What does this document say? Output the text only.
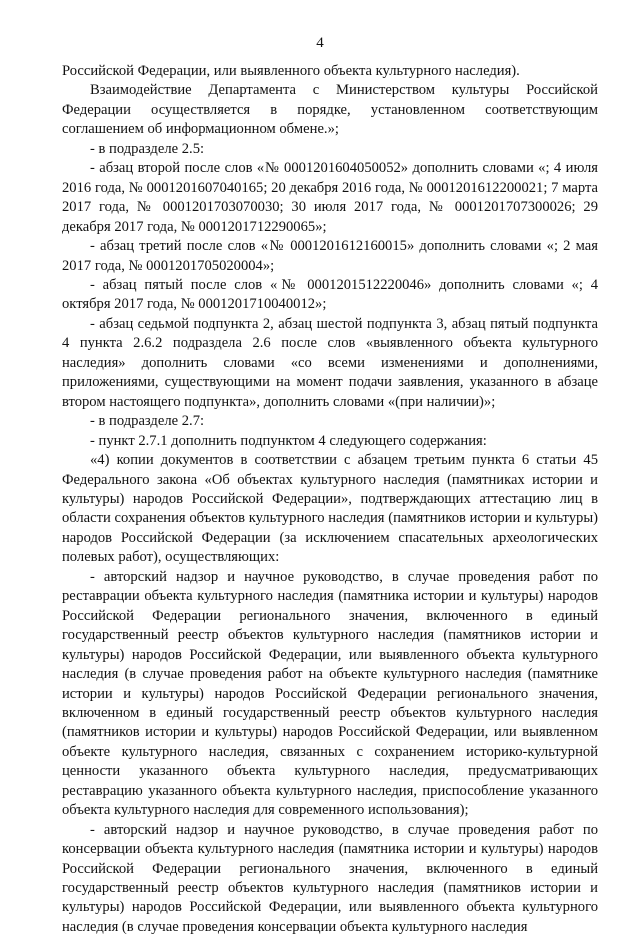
4

Российской Федерации, или выявленного объекта культурного наследия).

Взаимодействие Департамента с Министерством культуры Российской Федерации осуществляется в порядке, установленном соответствующим соглашением об информационном обмене.»;

- в подразделе 2.5:

- абзац второй после слов «№ 0001201604050052» дополнить словами «; 4 июля 2016 года, № 0001201607040165; 20 декабря 2016 года, № 0001201612200021; 7 марта 2017 года, № 0001201703070030; 30 июля 2017 года, № 0001201707300026; 29 декабря 2017 года, № 0001201712290065»;

- абзац третий после слов «№ 0001201612160015» дополнить словами «; 2 мая 2017 года, № 0001201705020004»;

- абзац пятый после слов «№ 0001201512220046» дополнить словами «; 4 октября 2017 года, № 0001201710040012»;

- абзац седьмой подпункта 2, абзац шестой подпункта 3, абзац пятый подпункта 4 пункта 2.6.2 подраздела 2.6 после слов «выявленного объекта культурного наследия» дополнить словами «со всеми изменениями и дополнениями, приложениями, существующими на момент подачи заявления, указанного в абзаце втором настоящего подпункта», дополнить словами «(при наличии)»;

- в подразделе 2.7:

- пункт 2.7.1 дополнить подпунктом 4 следующего содержания:

«4) копии документов в соответствии с абзацем третьим пункта 6 статьи 45 Федерального закона «Об объектах культурного наследия (памятниках истории и культуры) народов Российской Федерации», подтверждающих аттестацию лиц в области сохранения объектов культурного наследия (памятников истории и культуры) народов Российской Федерации (за исключением спасательных археологических полевых работ), осуществляющих:

- авторский надзор и научное руководство, в случае проведения работ по реставрации объекта культурного наследия (памятника истории и культуры) народов Российской Федерации регионального значения, включенного в единый государственный реестр объектов культурного наследия (памятников истории и культуры) народов Российской Федерации, или выявленного объекта культурного наследия (в случае проведения работ на объекте культурного наследия (памятнике истории и культуры) народов Российской Федерации регионального значения, включенном в единый государственный реестр объектов культурного наследия (памятников истории и культуры) народов Российской Федерации, или выявленном объекте культурного наследия, связанных с сохранением историко-культурной ценности указанного объекта культурного наследия, предусматривающих реставрацию указанного объекта культурного наследия, приспособление указанного объекта культурного наследия для современного использования);

- авторский надзор и научное руководство, в случае проведения работ по консервации объекта культурного наследия (памятника истории и культуры) народов Российской Федерации регионального значения, включенного в единый государственный реестр объектов культурного наследия (памятников истории и культуры) народов Российской Федерации, или выявленного объекта культурного наследия (в случае проведения консервации объекта культурного наследия
